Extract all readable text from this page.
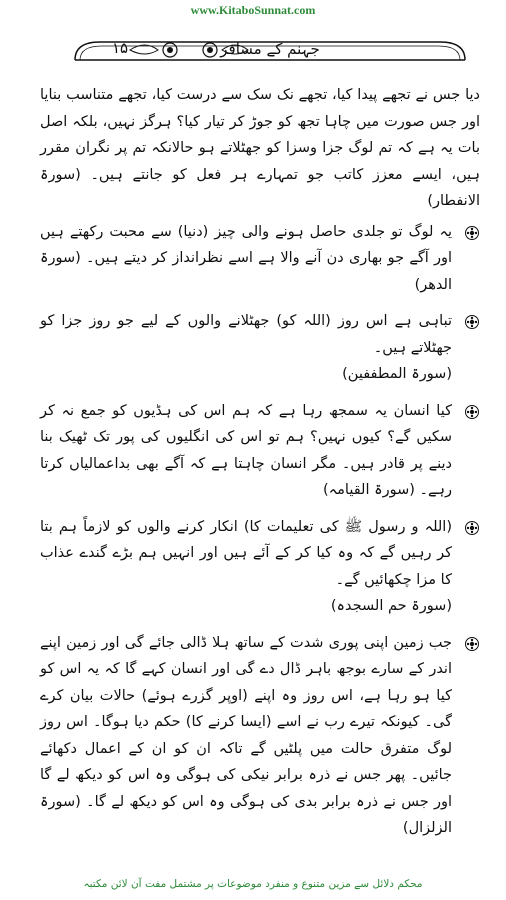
www.KitaboSunnat.com
۱۵	جہنم کے مسافر

دیا جس نے تجھے پیدا کیا، تجھے نک سک سے درست کیا، تجھے متناسب بنایا اور جس صورت میں چاہا تجھ کو جوڑ کر تیار کیا؟ ہرگز نہیں، بلکہ اصل بات یہ ہے کہ تم لوگ جزا وسزا کو جھٹلاتے ہو حالانکہ تم پر نگران مقرر ہیں، ایسے معزز کاتب جو تمہارے ہر فعل کو جانتے ہیں۔ (سورۃ الانفطار)

یہ لوگ تو جلدی حاصل ہونے والی چیز (دنیا) سے محبت رکھتے ہیں اور آگے جو بھاری دن آنے والا ہے اسے نظرانداز کر دیتے ہیں۔ (سورۃ الدھر)
تباہی ہے اس روز (اللہ کو) جھٹلانے والوں کے لیے جو روز جزا کو جھٹلاتے ہیں۔
(سورۃ المطففین)
کیا انسان یہ سمجھ رہا ہے کہ ہم اس کی ہڈیوں کو جمع نہ کر سکیں گے؟ کیوں نہیں؟ ہم تو اس کی انگلیوں کی پور تک ٹھیک بنا دینے پر قادر ہیں۔ مگر انسان چاہتا ہے کہ آگے بھی بداعمالیاں کرتا رہے۔ (سورۃ القیامہ)
(اللہ و رسول ﷺ کی تعلیمات کا) انکار کرنے والوں کو لازماً ہم بتا کر رہیں گے کہ وہ کیا کر کے آئے ہیں اور انہیں ہم بڑے گندے عذاب کا مزا چکھائیں گے۔
(سورۃ حم السجدہ)
جب زمین اپنی پوری شدت کے ساتھ ہلا ڈالی جائے گی اور زمین اپنے اندر کے سارے بوجھ باہر ڈال دے گی اور انسان کہے گا کہ یہ اس کو کیا ہو رہا ہے، اس روز وہ اپنے (اوپر گزرے ہوئے) حالات بیان کرے گی۔ کیونکہ تیرے رب نے اسے (ایسا کرنے کا) حکم دیا ہوگا۔ اس روز لوگ متفرق حالت میں پلٹیں گے تاکہ ان کو ان کے اعمال دکھائے جائیں۔ پھر جس نے ذرہ برابر نیکی کی ہوگی وہ اس کو دیکھ لے گا اور جس نے ذرہ برابر بدی کی ہوگی وہ اس کو دیکھ لے گا۔ (سورۃ الزلزال)
محکم دلائل سے مزین متنوع و منفرد موضوعات پر مشتمل مفت آن لائن مکتبہ
